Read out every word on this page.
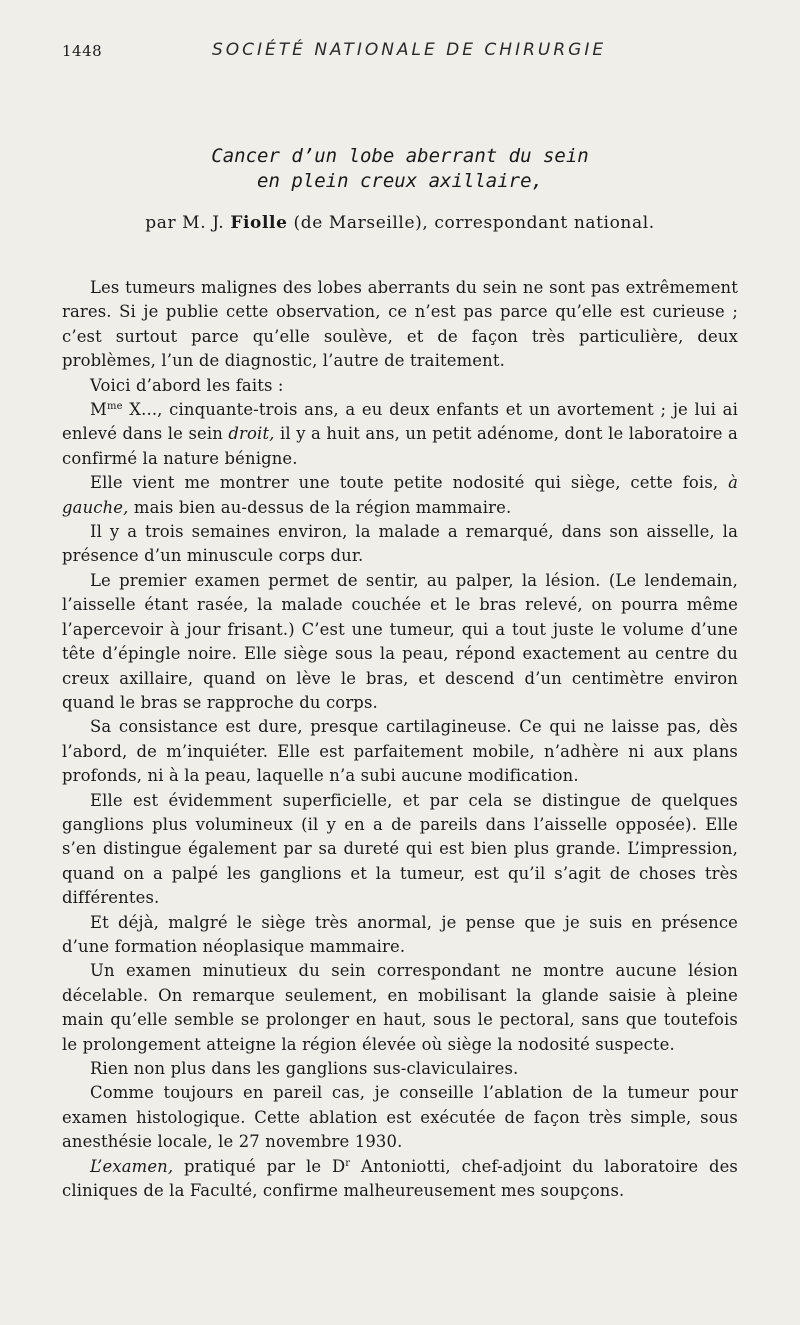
1448	SOCIÉTÉ NATIONALE DE CHIRURGIE
Cancer d’un lobe aberrant du sein
en plein creux axillaire,
par M. J. Fiolle (de Marseille), correspondant national.

Les tumeurs malignes des lobes aberrants du sein ne sont pas extrêmement rares. Si je publie cette observation, ce n’est pas parce qu’elle est curieuse ; c’est surtout parce qu’elle soulève, et de façon très particulière, deux problèmes, l’un de diagnostic, l’autre de traitement.

Voici d’abord les faits :

$M^{me}$ X..., cinquante-trois ans, a eu deux enfants et un avortement ; je lui ai enlevé dans le sein droit, il y a huit ans, un petit adénome, dont le laboratoire a confirmé la nature bénigne.

Elle vient me montrer une toute petite nodosité qui siège, cette fois, à gauche, mais bien au-dessus de la région mammaire.

Il y a trois semaines environ, la malade a remarqué, dans son aisselle, la présence d’un minuscule corps dur.

Le premier examen permet de sentir, au palper, la lésion. (Le lendemain, l’aisselle étant rasée, la malade couchée et le bras relevé, on pourra même l’apercevoir à jour frisant.) C’est une tumeur, qui a tout juste le volume d’une tête d’épingle noire. Elle siège sous la peau, répond exactement au centre du creux axillaire, quand on lève le bras, et descend d’un centimètre environ quand le bras se rapproche du corps.

Sa consistance est dure, presque cartilagineuse. Ce qui ne laisse pas, dès l’abord, de m’inquiéter. Elle est parfaitement mobile, n’adhère ni aux plans profonds, ni à la peau, laquelle n’a subi aucune modification.

Elle est évidemment superficielle, et par cela se distingue de quelques ganglions plus volumineux (il y en a de pareils dans l’aisselle opposée). Elle s’en distingue également par sa dureté qui est bien plus grande. L’impression, quand on a palpé les ganglions et la tumeur, est qu’il s’agit de choses très différentes.

Et déjà, malgré le siège très anormal, je pense que je suis en présence d’une formation néoplasique mammaire.

Un examen minutieux du sein correspondant ne montre aucune lésion décelable. On remarque seulement, en mobilisant la glande saisie à pleine main qu’elle semble se prolonger en haut, sous le pectoral, sans que toutefois le prolongement atteigne la région élevée où siège la nodosité suspecte.

Rien non plus dans les ganglions sus-claviculaires.

Comme toujours en pareil cas, je conseille l’ablation de la tumeur pour examen histologique. Cette ablation est exécutée de façon très simple, sous anesthésie locale, le 27 novembre 1930.

L’examen, pratiqué par le $D^r$ Antoniotti, chef-adjoint du laboratoire des cliniques de la Faculté, confirme malheureusement mes soupçons.
